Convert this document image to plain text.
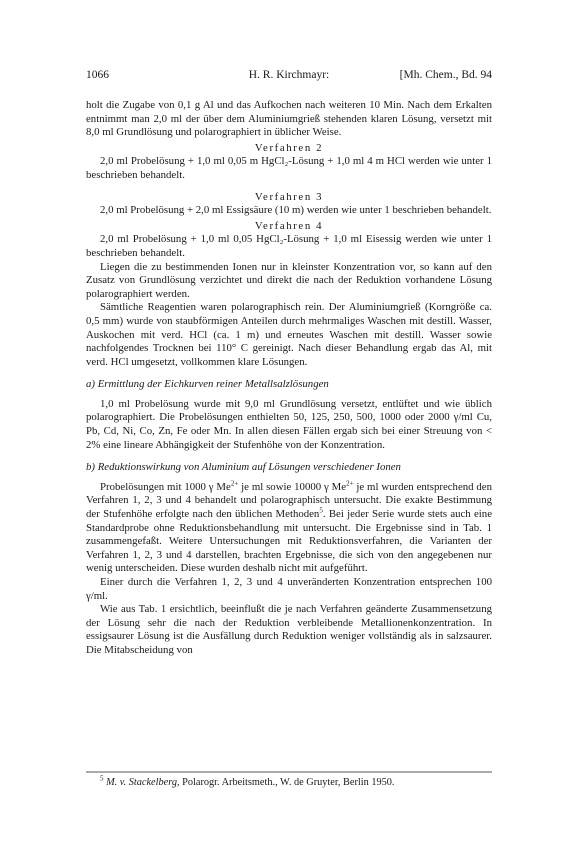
1066	H. R. Kirchmayr:	[Mh. Chem., Bd. 94

holt die Zugabe von 0,1 g Al und das Aufkochen nach weiteren 10 Min. Nach dem Erkalten entnimmt man 2,0 ml der über dem Aluminiumgrieß stehenden klaren Lösung, versetzt mit 8,0 ml Grundlösung und polarographiert in üblicher Weise.

Verfahren 2

2,0 ml Probelösung + 1,0 ml 0,05 m HgCl₂-Lösung + 1,0 ml 4 m HCl werden wie unter 1 beschrieben behandelt.

Verfahren 3

2,0 ml Probelösung + 2,0 ml Essigsäure (10 m) werden wie unter 1 beschrieben behandelt.

Verfahren 4

2,0 ml Probelösung + 1,0 ml 0,05 HgCl₂-Lösung + 1,0 ml Eisessig werden wie unter 1 beschrieben behandelt.

Liegen die zu bestimmenden Ionen nur in kleinster Konzentration vor, so kann auf den Zusatz von Grundlösung verzichtet und direkt die nach der Reduktion vorhandene Lösung polarographiert werden.

Sämtliche Reagentien waren polarographisch rein. Der Aluminiumgrieß (Korngröße ca. 0,5 mm) wurde von staubförmigen Anteilen durch mehrmaliges Waschen mit destill. Wasser, Auskochen mit verd. HCl (ca. 1 m) und erneutes Waschen mit destill. Wasser sowie nachfolgendes Trocknen bei 110° C gereinigt. Nach dieser Behandlung ergab das Al, mit verd. HCl umgesetzt, vollkommen klare Lösungen.

a) Ermittlung der Eichkurven reiner Metallsalzlösungen

1,0 ml Probelösung wurde mit 9,0 ml Grundlösung versetzt, entlüftet und wie üblich polarographiert. Die Probelösungen enthielten 50, 125, 250, 500, 1000 oder 2000 γ/ml Cu, Pb, Cd, Ni, Co, Zn, Fe oder Mn. In allen diesen Fällen ergab sich bei einer Streuung von < 2% eine lineare Abhängigkeit der Stufenhöhe von der Konzentration.

b) Reduktionswirkung von Aluminium auf Lösungen verschiedener Ionen

Probelösungen mit 1000 γ $Me^{2+}$ je ml sowie 10000 γ $Me^{2+}$ je ml wurden entsprechend den Verfahren 1, 2, 3 und 4 behandelt und polarographisch untersucht. Die exakte Bestimmung der Stufenhöhe erfolgte nach den üblichen Methoden$^5$. Bei jeder Serie wurde stets auch eine Standardprobe ohne Reduktionsbehandlung mit untersucht. Die Ergebnisse sind in Tab. 1 zusammengefaßt. Weitere Untersuchungen mit Reduktionsverfahren, die Varianten der Verfahren 1, 2, 3 und 4 darstellen, brachten Ergebnisse, die sich von den angegebenen nur wenig unterscheiden. Diese wurden deshalb nicht mit aufgeführt.

Einer durch die Verfahren 1, 2, 3 und 4 unveränderten Konzentration entsprechen 100 γ/ml.

Wie aus Tab. 1 ersichtlich, beeinflußt die je nach Verfahren geänderte Zusammensetzung der Lösung sehr die nach der Reduktion verbleibende Metallionenkonzentration. In essigsaurer Lösung ist die Ausfällung durch Reduktion weniger vollständig als in salzsaurer. Die Mitabscheidung von

$^5$ M. v. Stackelberg, Polarogr. Arbeitsmeth., W. de Gruyter, Berlin 1950.
